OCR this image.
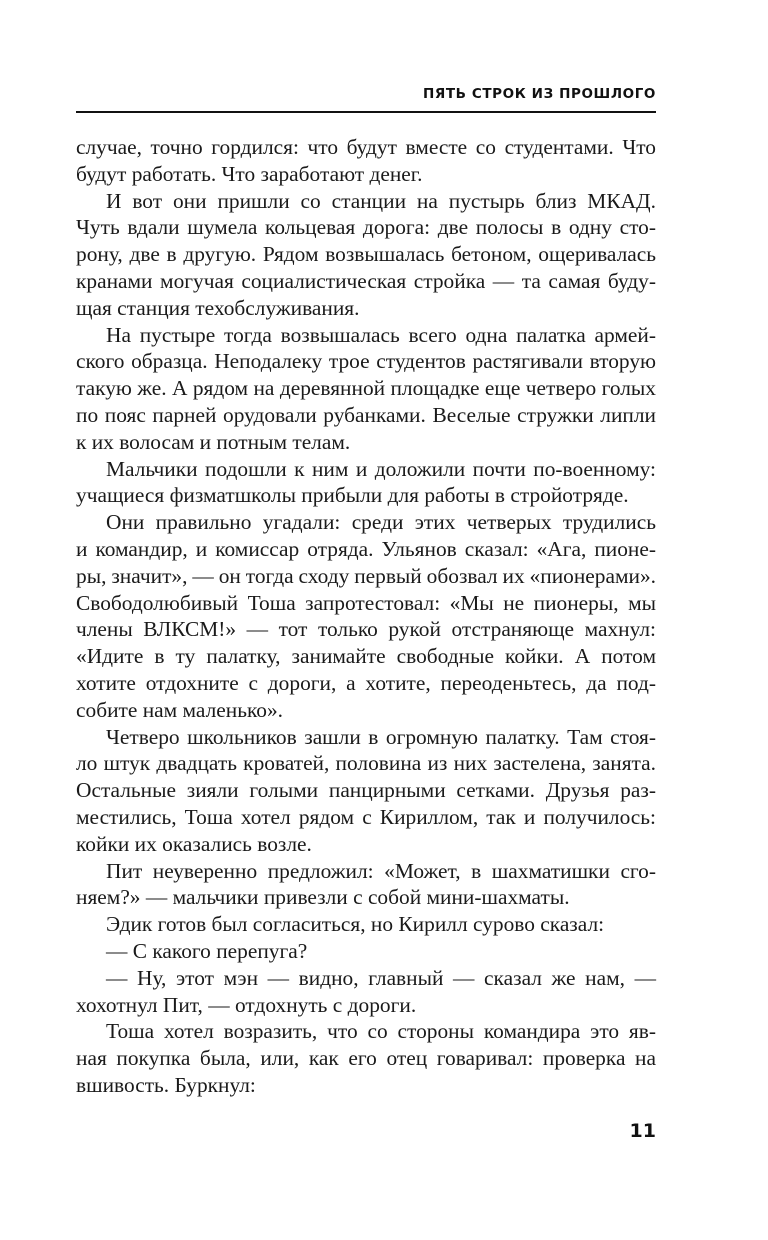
ПЯТЬ СТРОК ИЗ ПРОШЛОГО
случае, точно гордился: что будут вместе со студентами. Что
будут работать. Что заработают денег.
И вот они пришли со станции на пустырь близ МКАД.
Чуть вдали шумела кольцевая дорога: две полосы в одну сто-
рону, две в другую. Рядом возвышалась бетоном, ощеривалась
кранами могучая социалистическая стройка — та самая буду-
щая станция техобслуживания.
На пустыре тогда возвышалась всего одна палатка армей-
ского образца. Неподалеку трое студентов растягивали вторую
такую же. А рядом на деревянной площадке еще четверо голых
по пояс парней орудовали рубанками. Веселые стружки липли
к их волосам и потным телам.
Мальчики подошли к ним и доложили почти по-военному:
учащиеся физматшколы прибыли для работы в стройотряде.
Они правильно угадали: среди этих четверых трудились
и командир, и комиссар отряда. Ульянов сказал: «Ага, пионе-
ры, значит», — он тогда сходу первый обозвал их «пионерами».
Свободолюбивый Тоша запротестовал: «Мы не пионеры, мы
члены ВЛКСМ!» — тот только рукой отстраняюще махнул:
«Идите в ту палатку, занимайте свободные койки. А потом
хотите отдохните с дороги, а хотите, переоденьтесь, да под-
собите нам маленько».
Четверо школьников зашли в огромную палатку. Там стоя-
ло штук двадцать кроватей, половина из них застелена, занята.
Остальные зияли голыми панцирными сетками. Друзья раз-
местились, Тоша хотел рядом с Кириллом, так и получилось:
койки их оказались возле.
Пит неуверенно предложил: «Может, в шахматишки сго-
няем?» — мальчики привезли с собой мини-шахматы.
Эдик готов был согласиться, но Кирилл сурово сказал:
— С какого перепуга?
— Ну, этот мэн — видно, главный — сказал же нам, —
хохотнул Пит, — отдохнуть с дороги.
Тоша хотел возразить, что со стороны командира это яв-
ная покупка была, или, как его отец говаривал: проверка на
вшивость. Буркнул:
11
